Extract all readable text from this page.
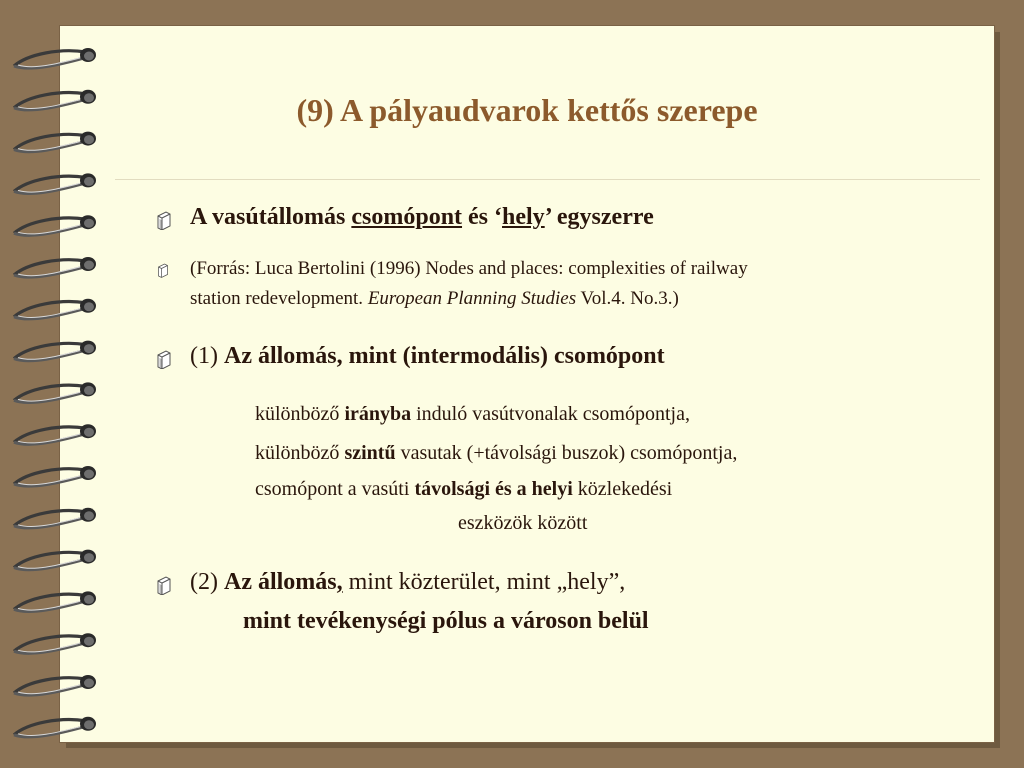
(9) A pályaudvarok kettős szerepe
A vasútállomás csomópont és ‘hely’ egyszerre
(Forrás: Luca Bertolini (1996) Nodes and places: complexities of railway
station redevelopment. European Planning Studies Vol.4. No.3.)
(1) Az állomás, mint (intermodális) csomópont
különböző irányba induló vasútvonalak csomópontja,
különböző szintű vasutak (+távolsági buszok) csomópontja,
csomópont a vasúti távolsági és a helyi közlekedési
eszközök között
(2) Az állomás, mint közterület, mint „hely”,
mint tevékenységi pólus a városon belül
